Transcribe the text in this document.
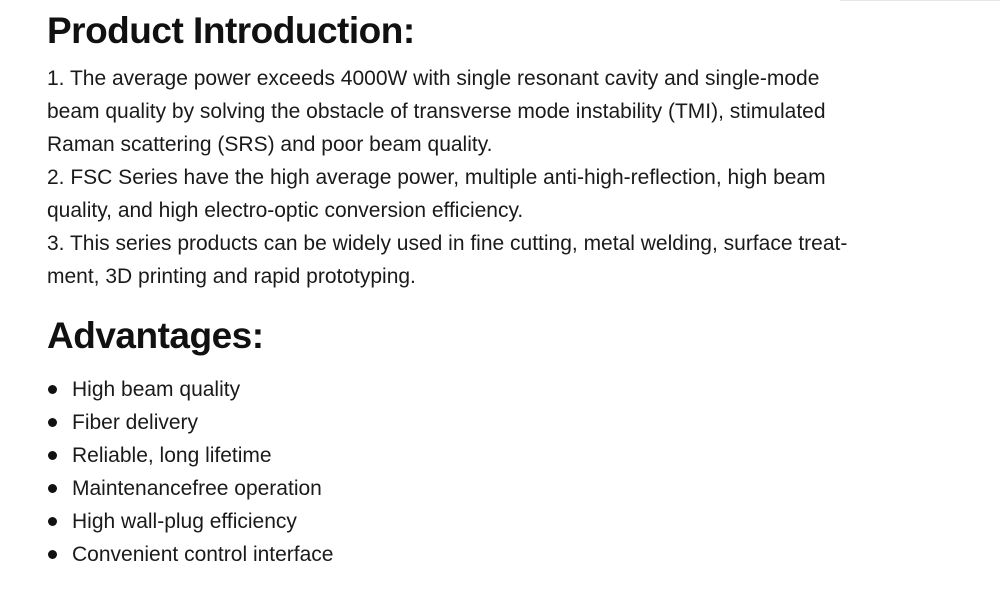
Product Introduction:
1. The average power exceeds 4000W with single resonant cavity and single-mode
beam quality by solving the obstacle of transverse mode instability (TMI), stimulated
Raman scattering (SRS) and poor beam quality.
2. FSC Series have the high average power, multiple anti-high-reflection, high beam
quality, and high electro-optic conversion efficiency.
3. This series products can be widely used in fine cutting, metal welding, surface treat-
ment, 3D printing and rapid prototyping.
Advantages:
High beam quality
Fiber delivery
Reliable, long lifetime
Maintenancefree operation
High wall-plug efficiency
Convenient control interface
